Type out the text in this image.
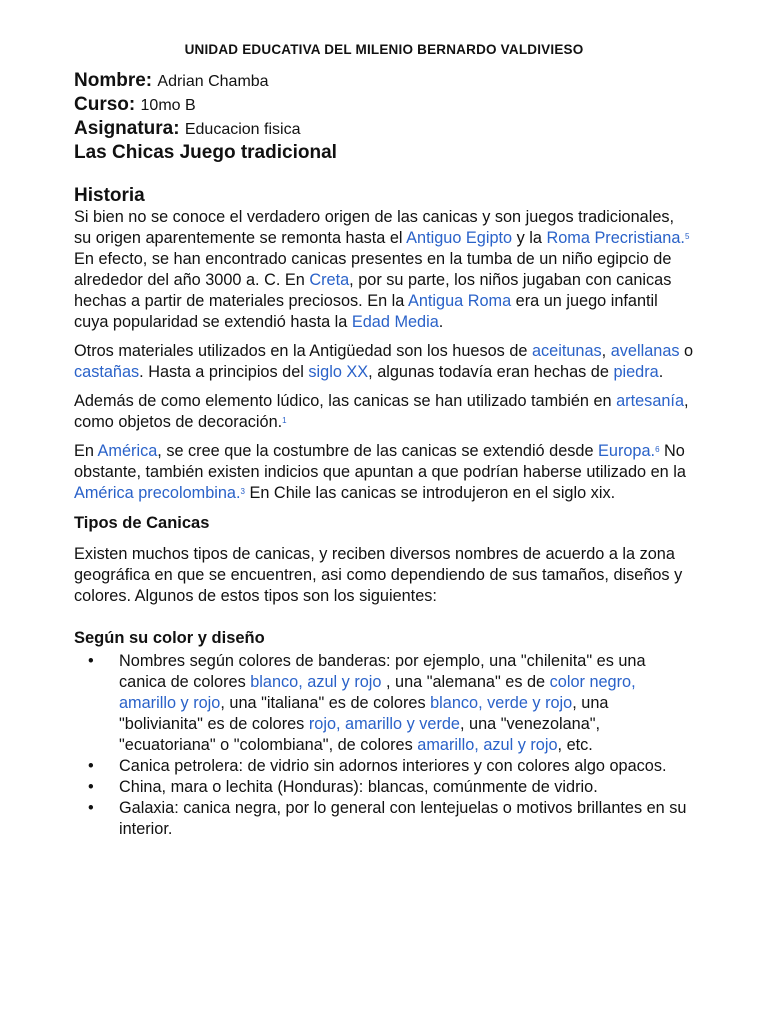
UNIDAD EDUCATIVA DEL MILENIO BERNARDO VALDIVIESO
Nombre: Adrian Chamba
Curso: 10mo B
Asignatura: Educacion fisica
Las Chicas Juego tradicional
Historia

Si bien no se conoce el verdadero origen de las canicas y son juegos tradicionales, su origen aparentemente se remonta hasta el Antiguo Egipto y la Roma Precristiana.$^5$ En efecto, se han encontrado canicas presentes en la tumba de un niño egipcio de alrededor del año 3000 a. C. En Creta, por su parte, los niños jugaban con canicas hechas a partir de materiales preciosos. En la Antigua Roma era un juego infantil cuya popularidad se extendió hasta la Edad Media.

Otros materiales utilizados en la Antigüedad son los huesos de aceitunas, avellanas o castañas. Hasta a principios del siglo XX, algunas todavía eran hechas de piedra.

Además de como elemento lúdico, las canicas se han utilizado también en artesanía, como objetos de decoración.$^1$

En América, se cree que la costumbre de las canicas se extendió desde Europa.$^6$ No obstante, también existen indicios que apuntan a que podrían haberse utilizado en la América precolombina.$^3$ En Chile las canicas se introdujeron en el siglo xix.

Tipos de Canicas

Existen muchos tipos de canicas, y reciben diversos nombres de acuerdo a la zona geográfica en que se encuentren, asi como dependiendo de sus tamaños, diseños y colores. Algunos de estos tipos son los siguientes:

Según su color y diseño
• Nombres según colores de banderas: por ejemplo, una "chilenita" es una canica de colores blanco, azul y rojo , una "alemana" es de color negro, amarillo y rojo, una "italiana" es de colores blanco, verde y rojo, una "bolivianita" es de colores rojo, amarillo y verde, una "venezolana", "ecuatoriana" o "colombiana", de colores amarillo, azul y rojo, etc.
• Canica petrolera: de vidrio sin adornos interiores y con colores algo opacos.
• China, mara o lechita (Honduras): blancas, comúnmente de vidrio.
• Galaxia: canica negra, por lo general con lentejuelas o motivos brillantes en su interior.
